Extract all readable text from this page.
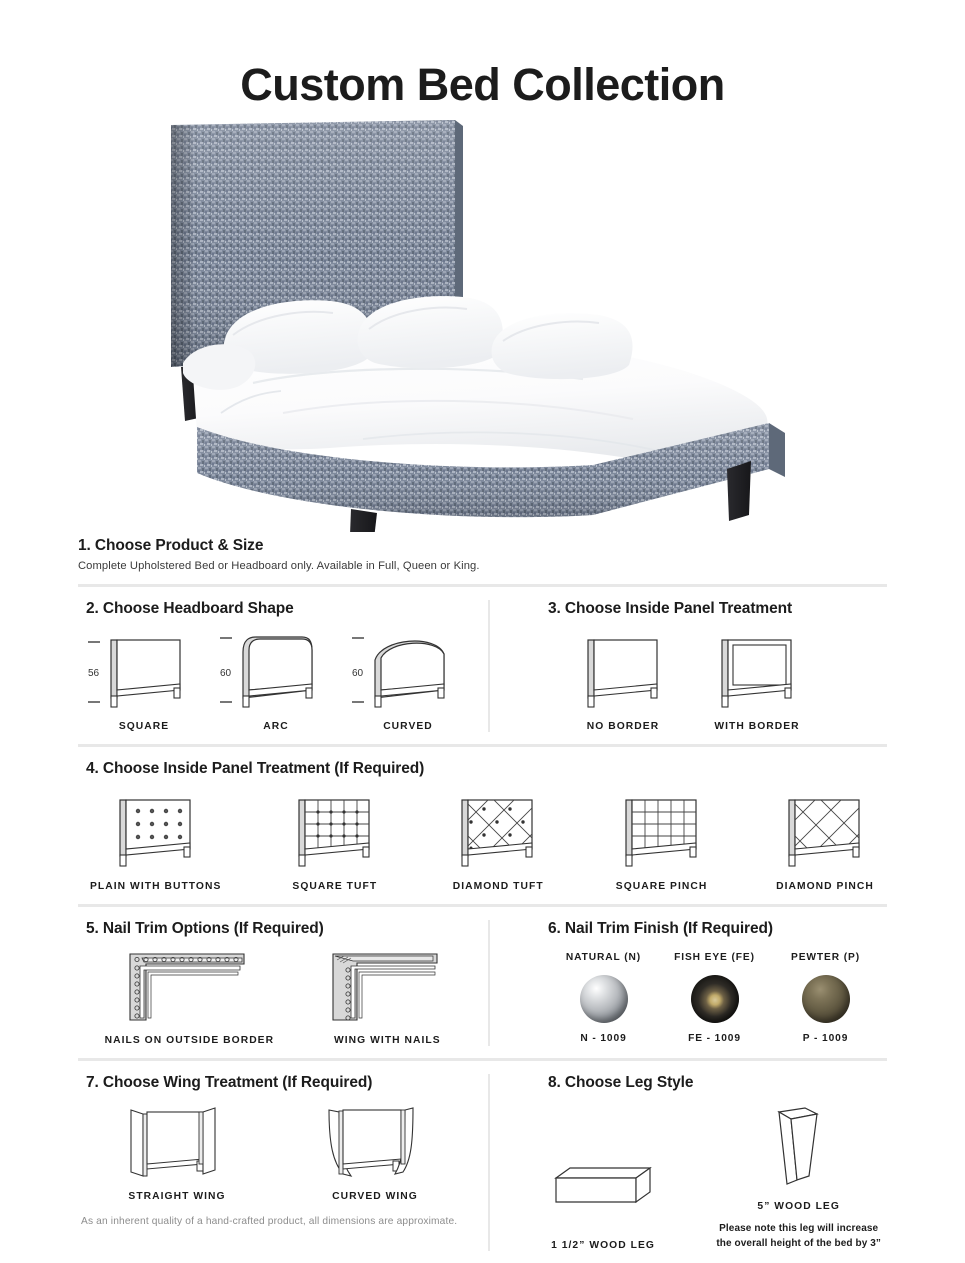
Custom Bed Collection
1. Choose Product & Size
Complete Upholstered Bed or Headboard only. Available in Full, Queen or King.
2. Choose Headboard Shape
56
SQUARE
60
ARC
60
CURVED
3. Choose Inside Panel Treatment
NO BORDER	WITH BORDER
4. Choose Inside Panel Treatment (If Required)
PLAIN WITH BUTTONS	SQUARE TUFT	DIAMOND TUFT	SQUARE PINCH	DIAMOND PINCH
5. Nail Trim Options (If Required)
NAILS ON OUTSIDE BORDER	WING WITH NAILS
6. Nail Trim Finish (If Required)
NATURAL (N)
N - 1009
FISH EYE (FE)
FE - 1009
PEWTER (P)
P - 1009
7. Choose Wing Treatment (If Required)
STRAIGHT WING	CURVED WING
As an inherent quality of a hand-crafted product, all dimensions are approximate.
8. Choose Leg Style
1 1/2” WOOD LEG
5” WOOD LEG
Please note this leg will increase
the overall height of the bed by 3”
